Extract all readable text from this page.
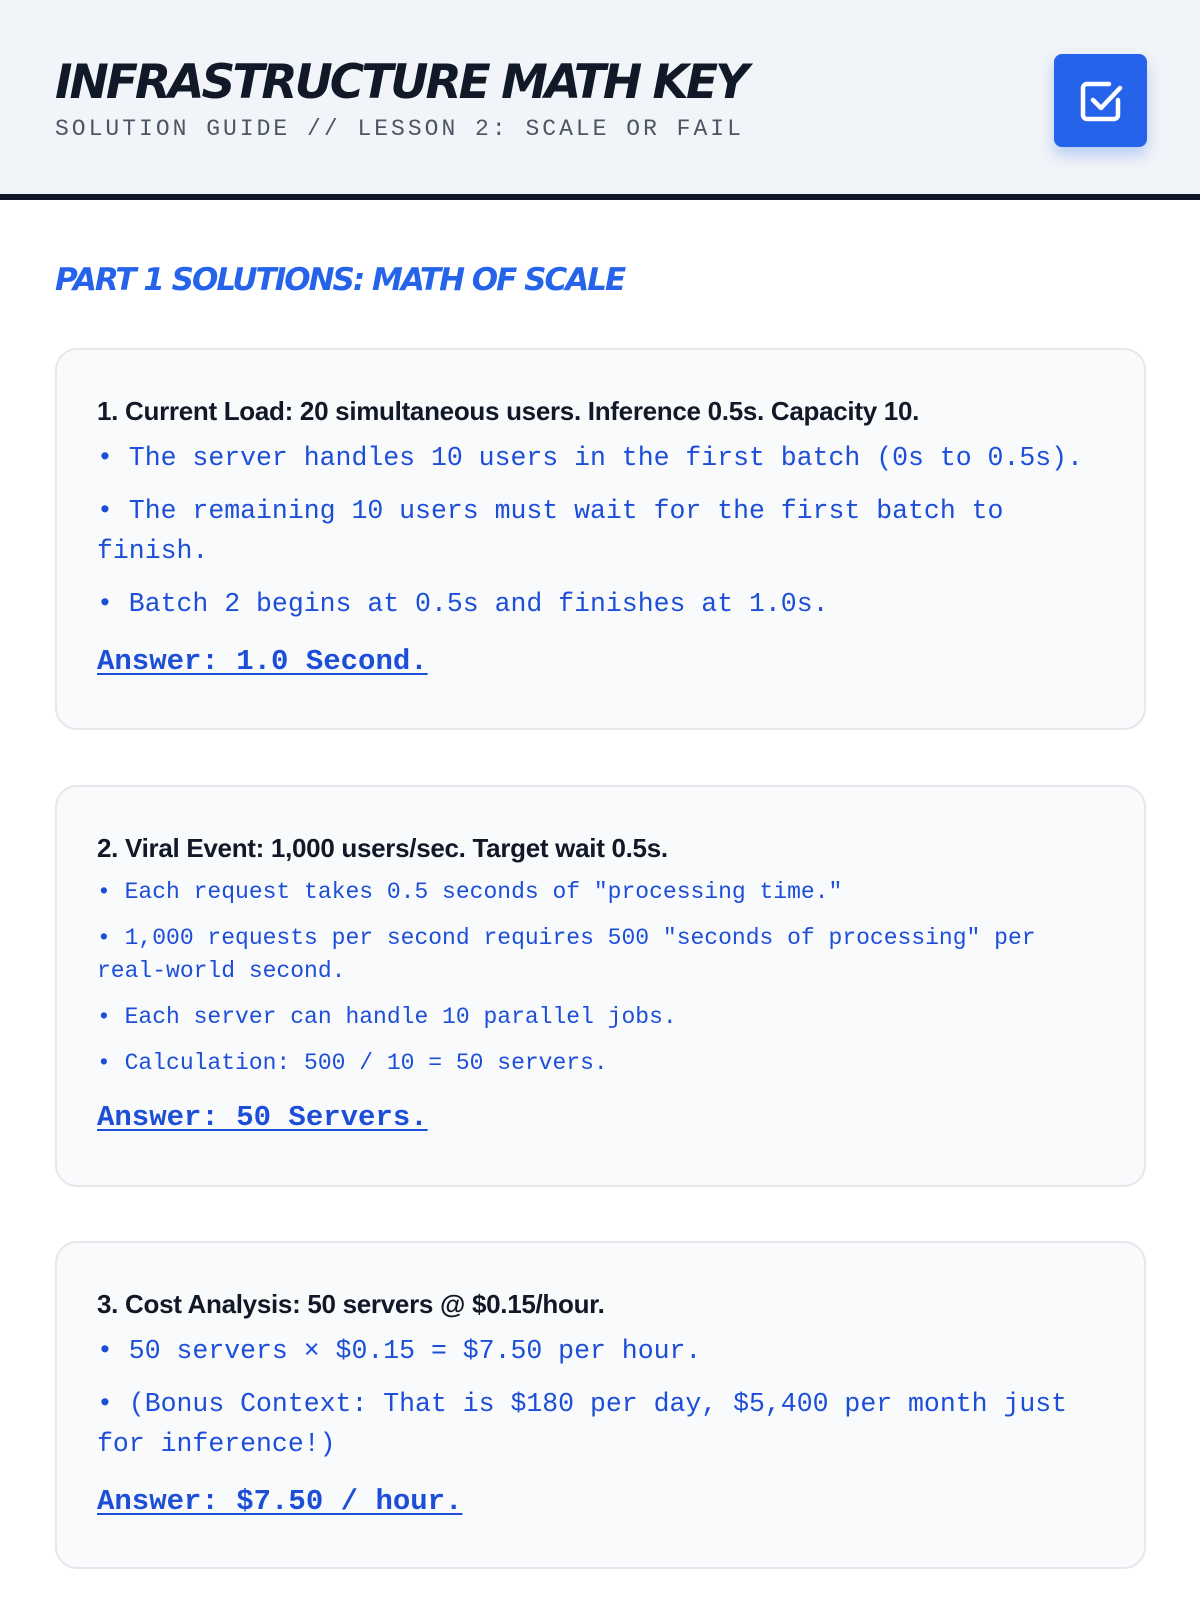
INFRASTRUCTURE MATH KEY
SOLUTION GUIDE // LESSON 2: SCALE OR FAIL
PART 1 SOLUTIONS: MATH OF SCALE
1. Current Load: 20 simultaneous users. Inference 0.5s. Capacity 10.
• The server handles 10 users in the first batch (0s to 0.5s).
• The remaining 10 users must wait for the first batch to finish.
• Batch 2 begins at 0.5s and finishes at 1.0s.
Answer: 1.0 Second.
2. Viral Event: 1,000 users/sec. Target wait 0.5s.
• Each request takes 0.5 seconds of "processing time."
• 1,000 requests per second requires 500 "seconds of processing" per real-world second.
• Each server can handle 10 parallel jobs.
• Calculation: 500 / 10 = 50 servers.
Answer: 50 Servers.
3. Cost Analysis: 50 servers @ $0.15/hour.
• 50 servers × $0.15 = $7.50 per hour.
• (Bonus Context: That is $180 per day, $5,400 per month just for inference!)
Answer: $7.50 / hour.
